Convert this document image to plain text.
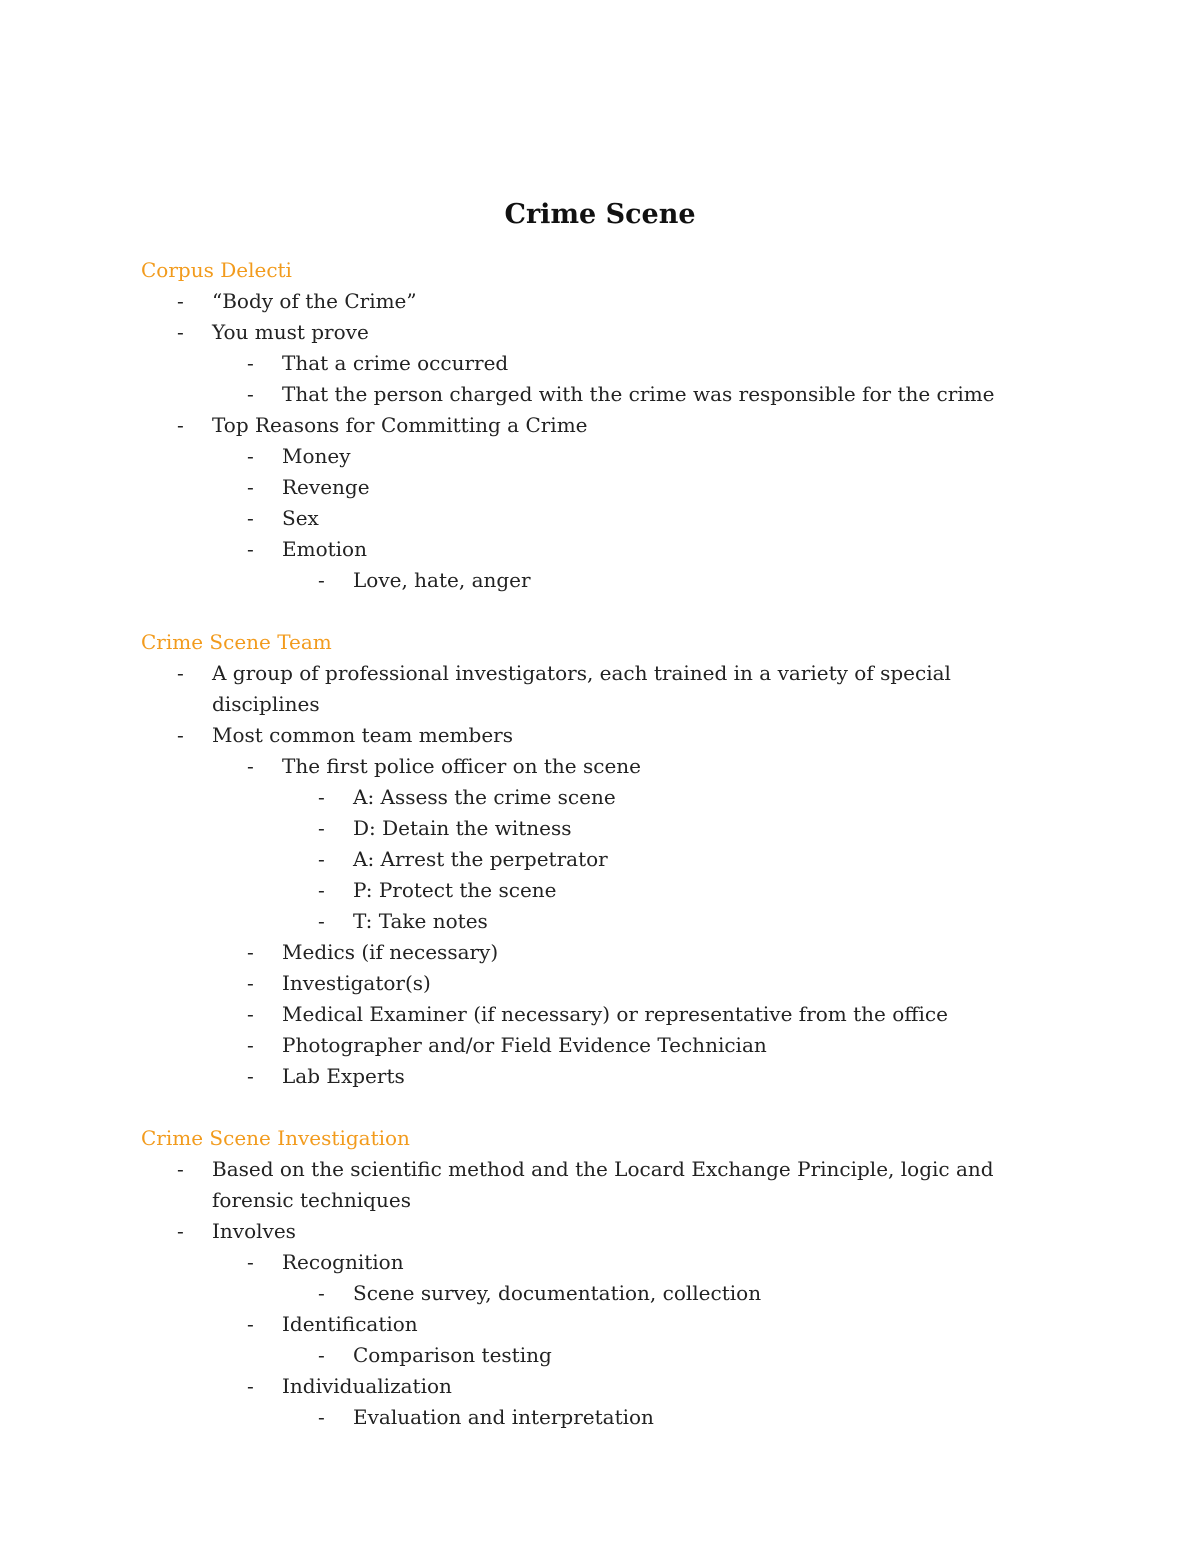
Crime Scene
Corpus Delecti
- “Body of the Crime”
- You must prove
- That a crime occurred
- That the person charged with the crime was responsible for the crime
- Top Reasons for Committing a Crime
- Money
- Revenge
- Sex
- Emotion
- Love, hate, anger
Crime Scene Team
- A group of professional investigators, each trained in a variety of special disciplines
- Most common team members
- The first police officer on the scene
- A: Assess the crime scene
- D: Detain the witness
- A: Arrest the perpetrator
- P: Protect the scene
- T: Take notes
- Medics (if necessary)
- Investigator(s)
- Medical Examiner (if necessary) or representative from the office
- Photographer and/or Field Evidence Technician
- Lab Experts
Crime Scene Investigation
- Based on the scientific method and the Locard Exchange Principle, logic and forensic techniques
- Involves
- Recognition
- Scene survey, documentation, collection
- Identification
- Comparison testing
- Individualization
- Evaluation and interpretation
